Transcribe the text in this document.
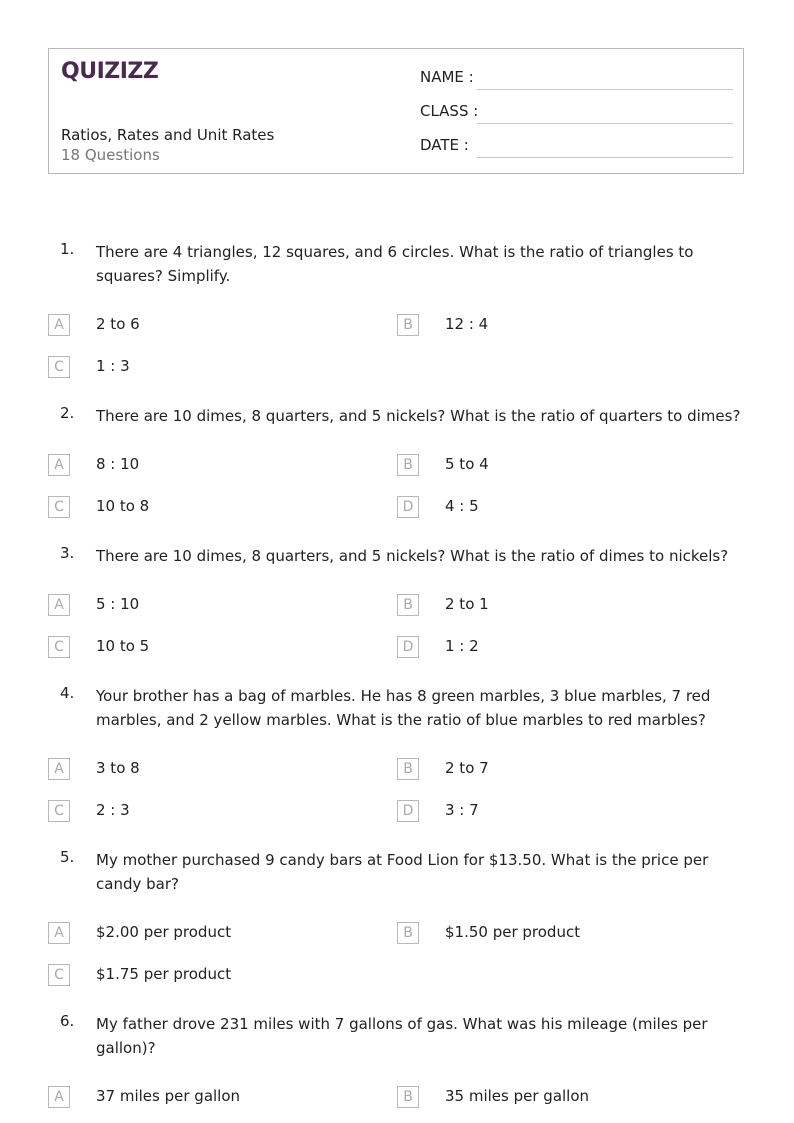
QUIZIZZ
Ratios, Rates and Unit Rates
18 Questions
NAME :
CLASS :
DATE :
1. There are 4 triangles, 12 squares, and 6 circles. What is the ratio of triangles to squares? Simplify.
A	2 to 6	B	12 : 4
C	1 : 3
2. There are 10 dimes, 8 quarters, and 5 nickels? What is the ratio of quarters to dimes?
A	8 : 10	B	5 to 4
C	10 to 8	D	4 : 5
3. There are 10 dimes, 8 quarters, and 5 nickels? What is the ratio of dimes to nickels?
A	5 : 10	B	2 to 1
C	10 to 5	D	1 : 2
4. Your brother has a bag of marbles. He has 8 green marbles, 3 blue marbles, 7 red marbles, and 2 yellow marbles. What is the ratio of blue marbles to red marbles?
A	3 to 8	B	2 to 7
C	2 : 3	D	3 : 7
5. My mother purchased 9 candy bars at Food Lion for $13.50. What is the price per candy bar?
A	$2.00 per product	B	$1.50 per product
C	$1.75 per product
6. My father drove 231 miles with 7 gallons of gas. What was his mileage (miles per gallon)?
A	37 miles per gallon	B	35 miles per gallon
